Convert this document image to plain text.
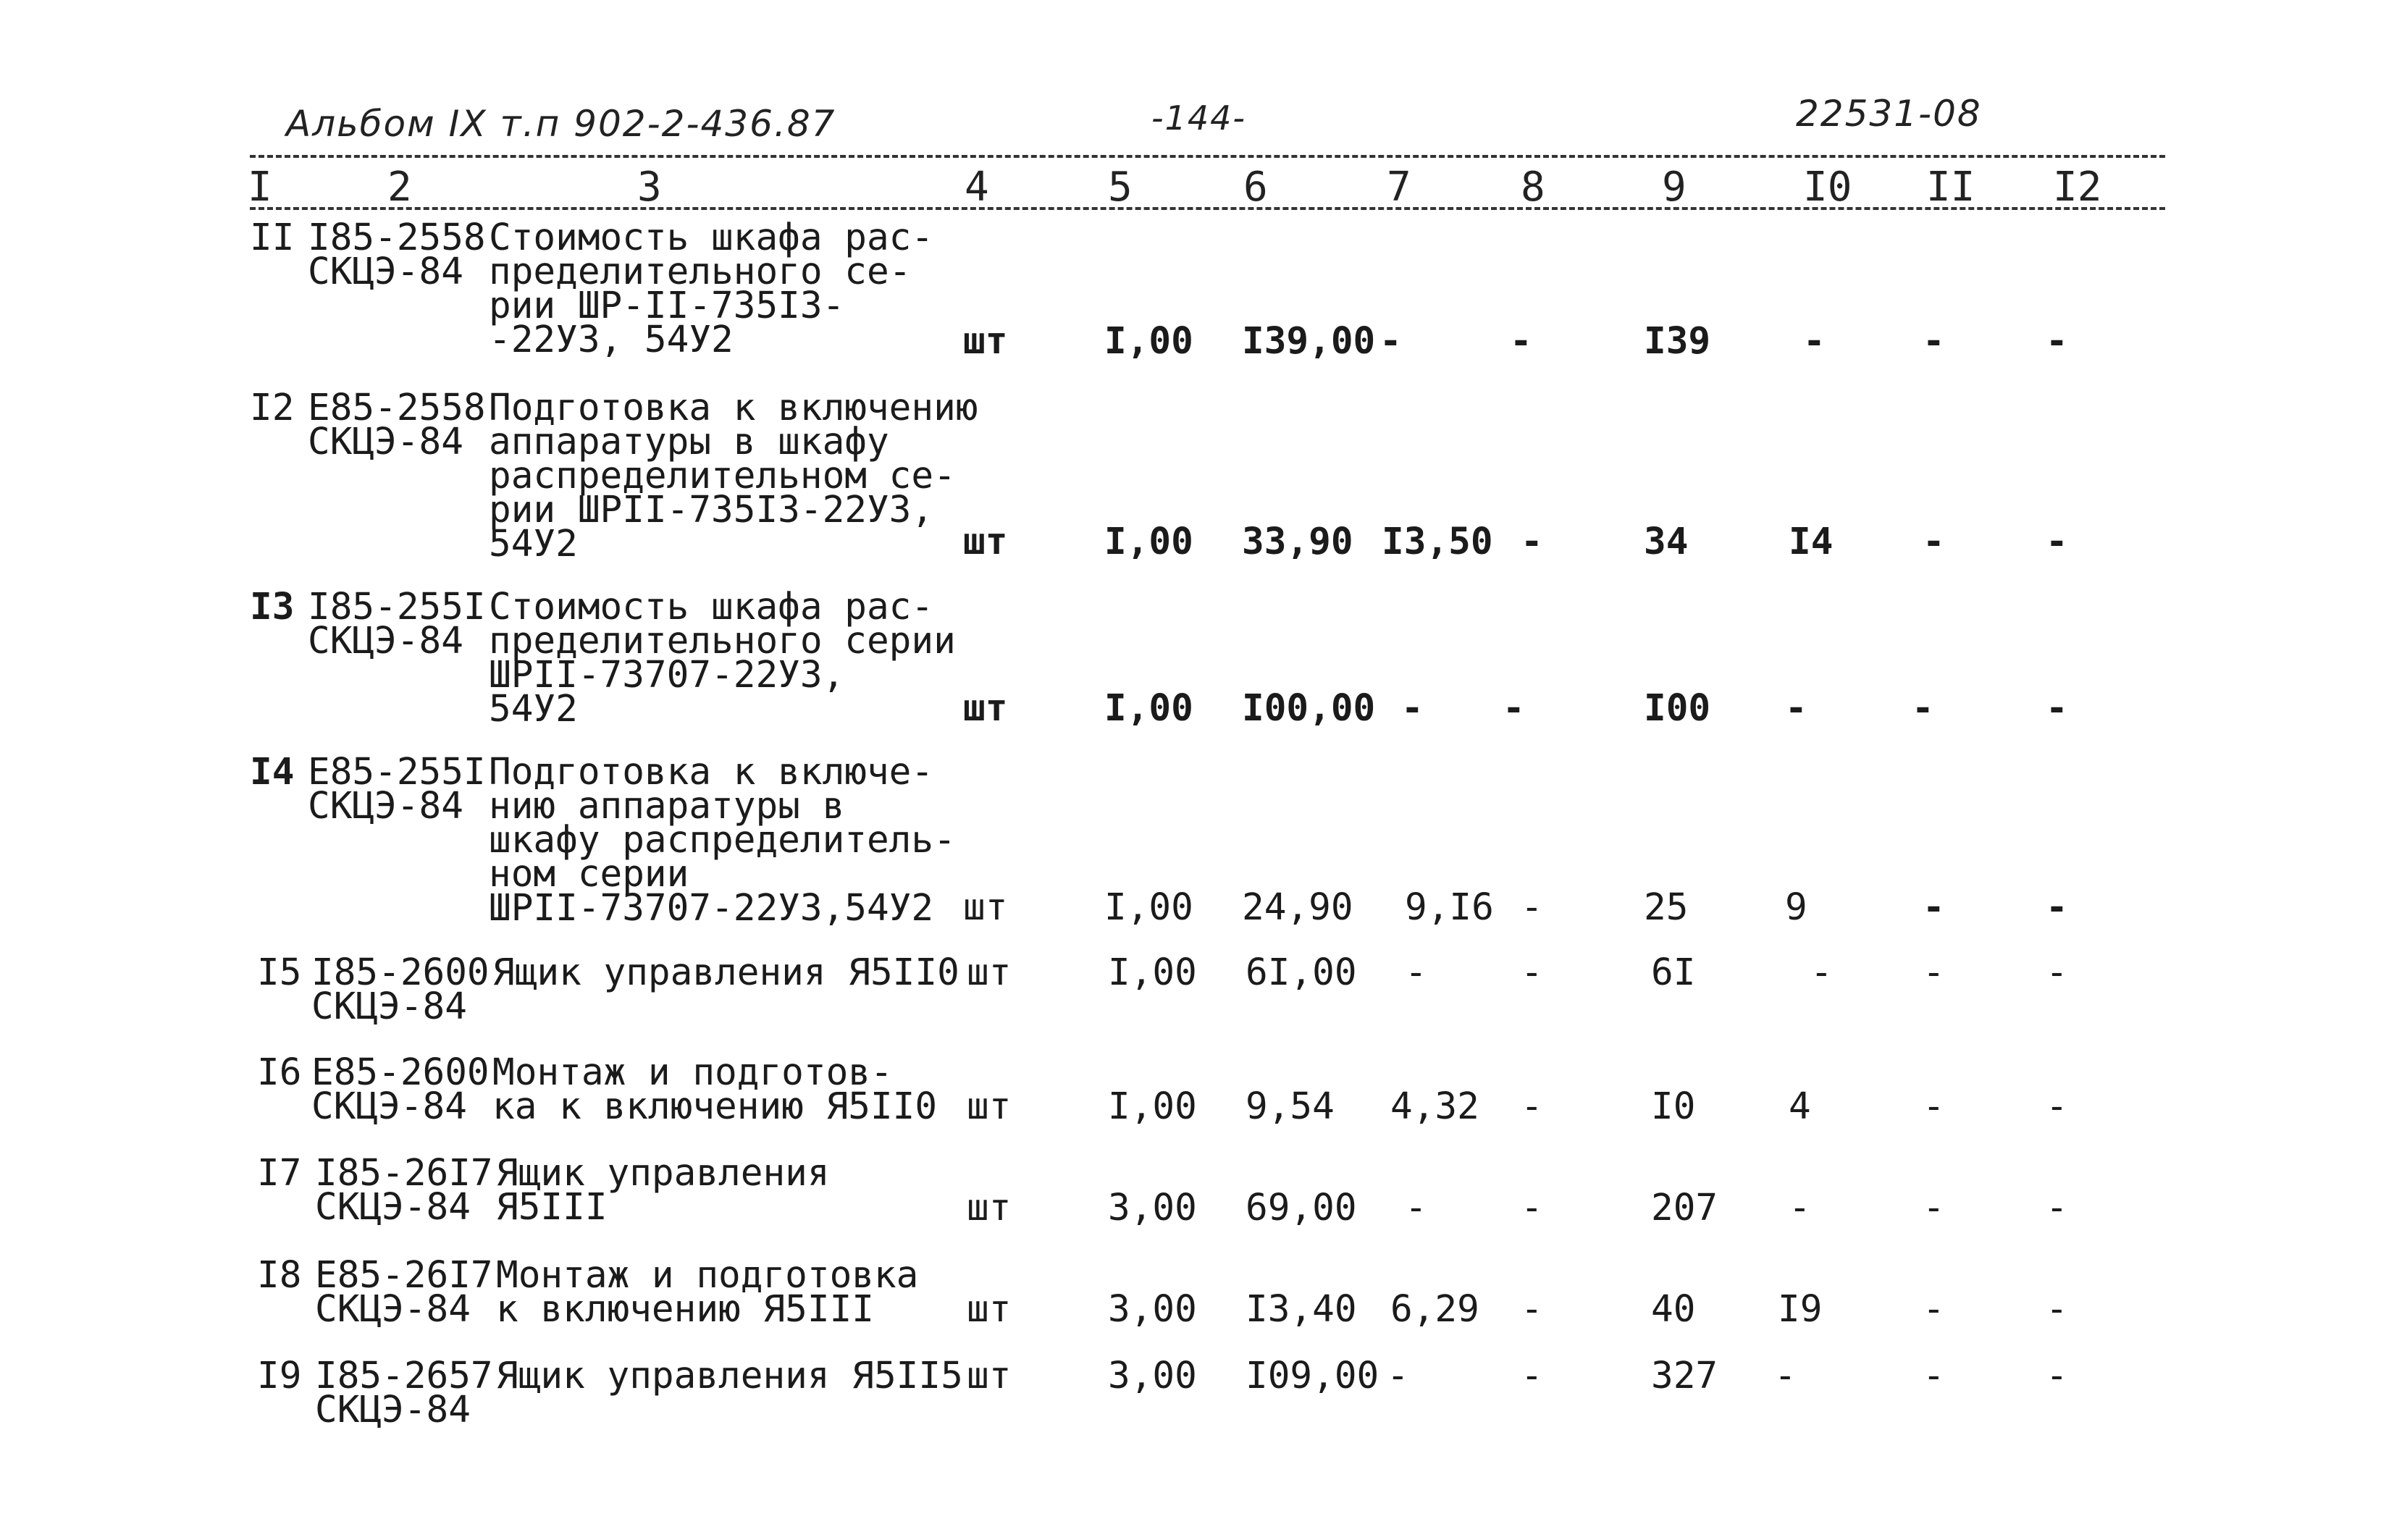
Альбом IX т.п 902-2-436.87	-144-	22531-08
I	2	3	4	5	6	7	8	9	I0 II I2
II I85-2558
СКЦЭ-84
Стоимость шкафа рас-
пределительного се-
рии ШР-II-735I3-
-22У3, 54У2	шт	I,00 I39,00 -	-	I39	-	-	-
I2 Е85-2558
СКЦЭ-84
Подготовка к включению
аппаратуры в шкафу
распределительном се-
рии ШРII-735I3-22У3,
54У2	шт	I,00 33,90 I3,50 -	34	I4 -	-
I3 I85-255I
СКЦЭ-84
Стоимость шкафа рас-
пределительного серии
ШРII-73707-22У3,
54У2	шт	I,00 I00,00 - -	I00 -	-	-
I4 Е85-255I
СКЦЭ-84
Подготовка к включе-
нию аппаратуры в
шкафу распределитель-
ном серии
ШРII-73707-22У3,54У2 шт	I,00 24,90 9,I6 -	25	9	-	-
I5 I85-2600
СКЦЭ-84
Ящик управления Я5II0 шт	I,00 6I,00 -	-	6I	- -	-
I6 Е85-2600
СКЦЭ-84
Монтаж и подготов-
ка к включению Я5II0 шт	I,00 9,54 4,32 -	I0	4	-	-
I7 I85-26I7
СКЦЭ-84
Ящик управления
Я5III	шт	3,00 69,00 -	-	207 -	-	-
I8 Е85-26I7
СКЦЭ-84
Монтаж и подготовка
к включению Я5III	шт	3,00 I3,40 6,29 -	40 I9	-	-
I9 I85-2657
СКЦЭ-84
Ящик управления Я5II5 шт	3,00 I09,00 -	-	327 -	-	-
